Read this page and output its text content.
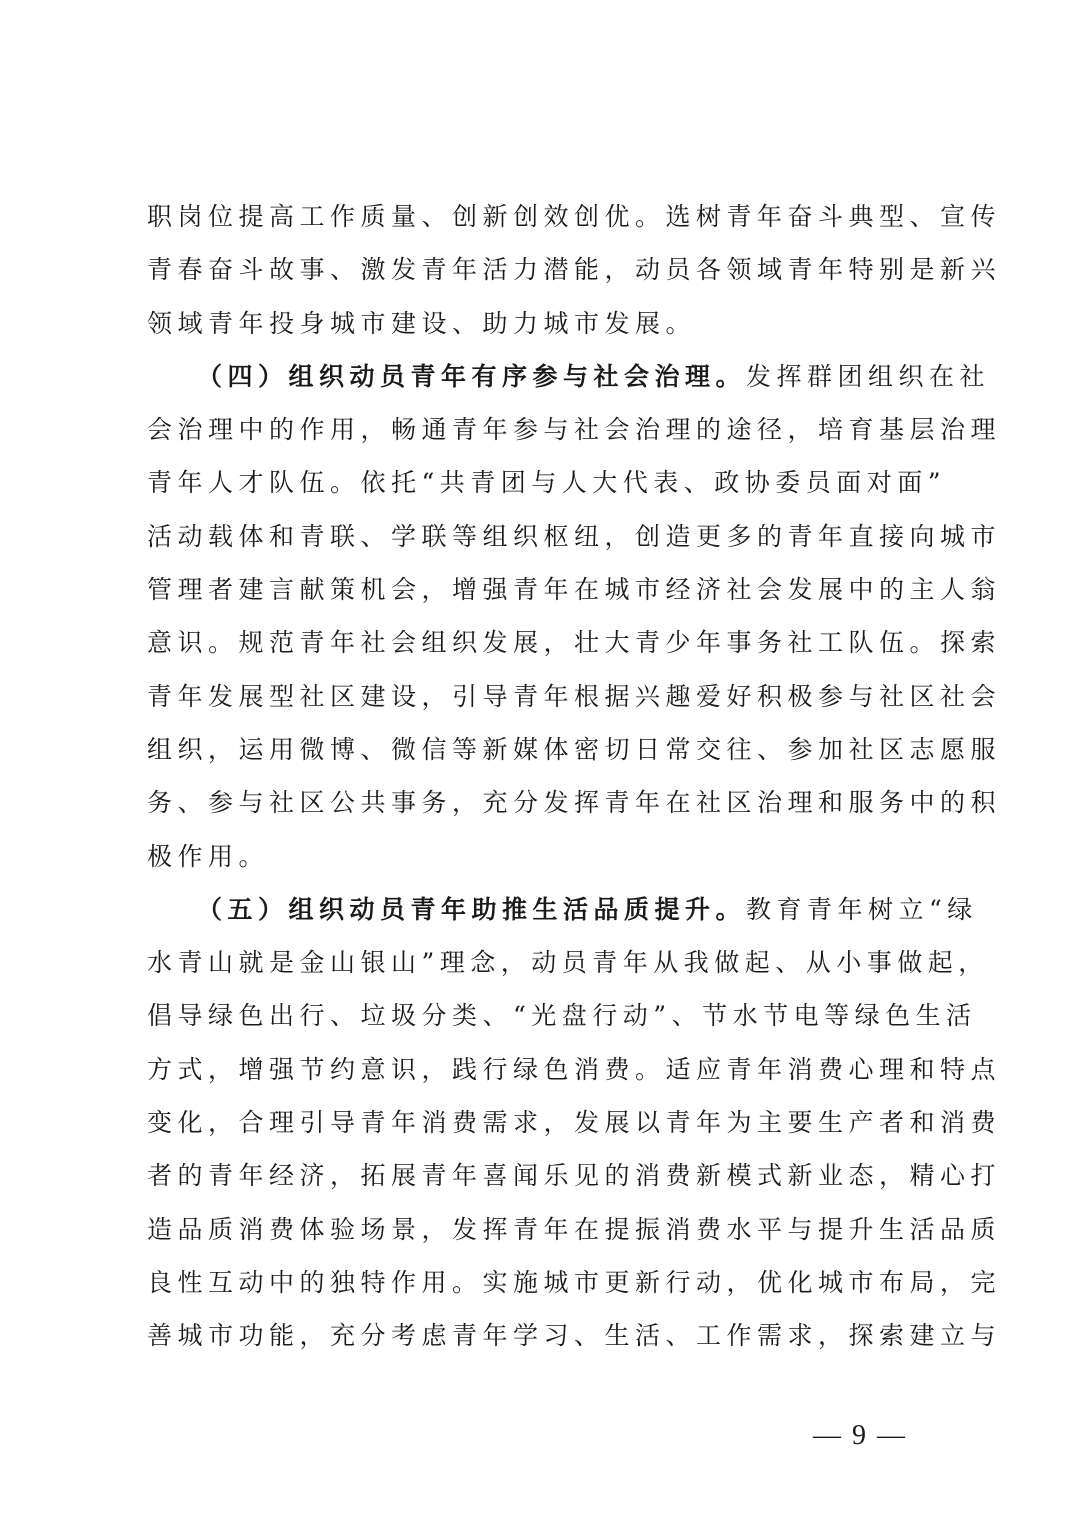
职岗位提高工作质量、创新创效创优。选树青年奋斗典型、宣传
青春奋斗故事、激发青年活力潜能，动员各领域青年特别是新兴
领域青年投身城市建设、助力城市发展。
（四）组织动员青年有序参与社会治理。发挥群团组织在社
会治理中的作用，畅通青年参与社会治理的途径，培育基层治理
青年人才队伍。依托“共青团与人大代表、政协委员面对面”
活动载体和青联、学联等组织枢纽，创造更多的青年直接向城市
管理者建言献策机会，增强青年在城市经济社会发展中的主人翁
意识。规范青年社会组织发展，壮大青少年事务社工队伍。探索
青年发展型社区建设，引导青年根据兴趣爱好积极参与社区社会
组织，运用微博、微信等新媒体密切日常交往、参加社区志愿服
务、参与社区公共事务，充分发挥青年在社区治理和服务中的积
极作用。
（五）组织动员青年助推生活品质提升。教育青年树立“绿
水青山就是金山银山”理念，动员青年从我做起、从小事做起，
倡导绿色出行、垃圾分类、“光盘行动”、节水节电等绿色生活
方式，增强节约意识，践行绿色消费。适应青年消费心理和特点
变化，合理引导青年消费需求，发展以青年为主要生产者和消费
者的青年经济，拓展青年喜闻乐见的消费新模式新业态，精心打
造品质消费体验场景，发挥青年在提振消费水平与提升生活品质
良性互动中的独特作用。实施城市更新行动，优化城市布局，完
善城市功能，充分考虑青年学习、生活、工作需求，探索建立与
— 9 —
